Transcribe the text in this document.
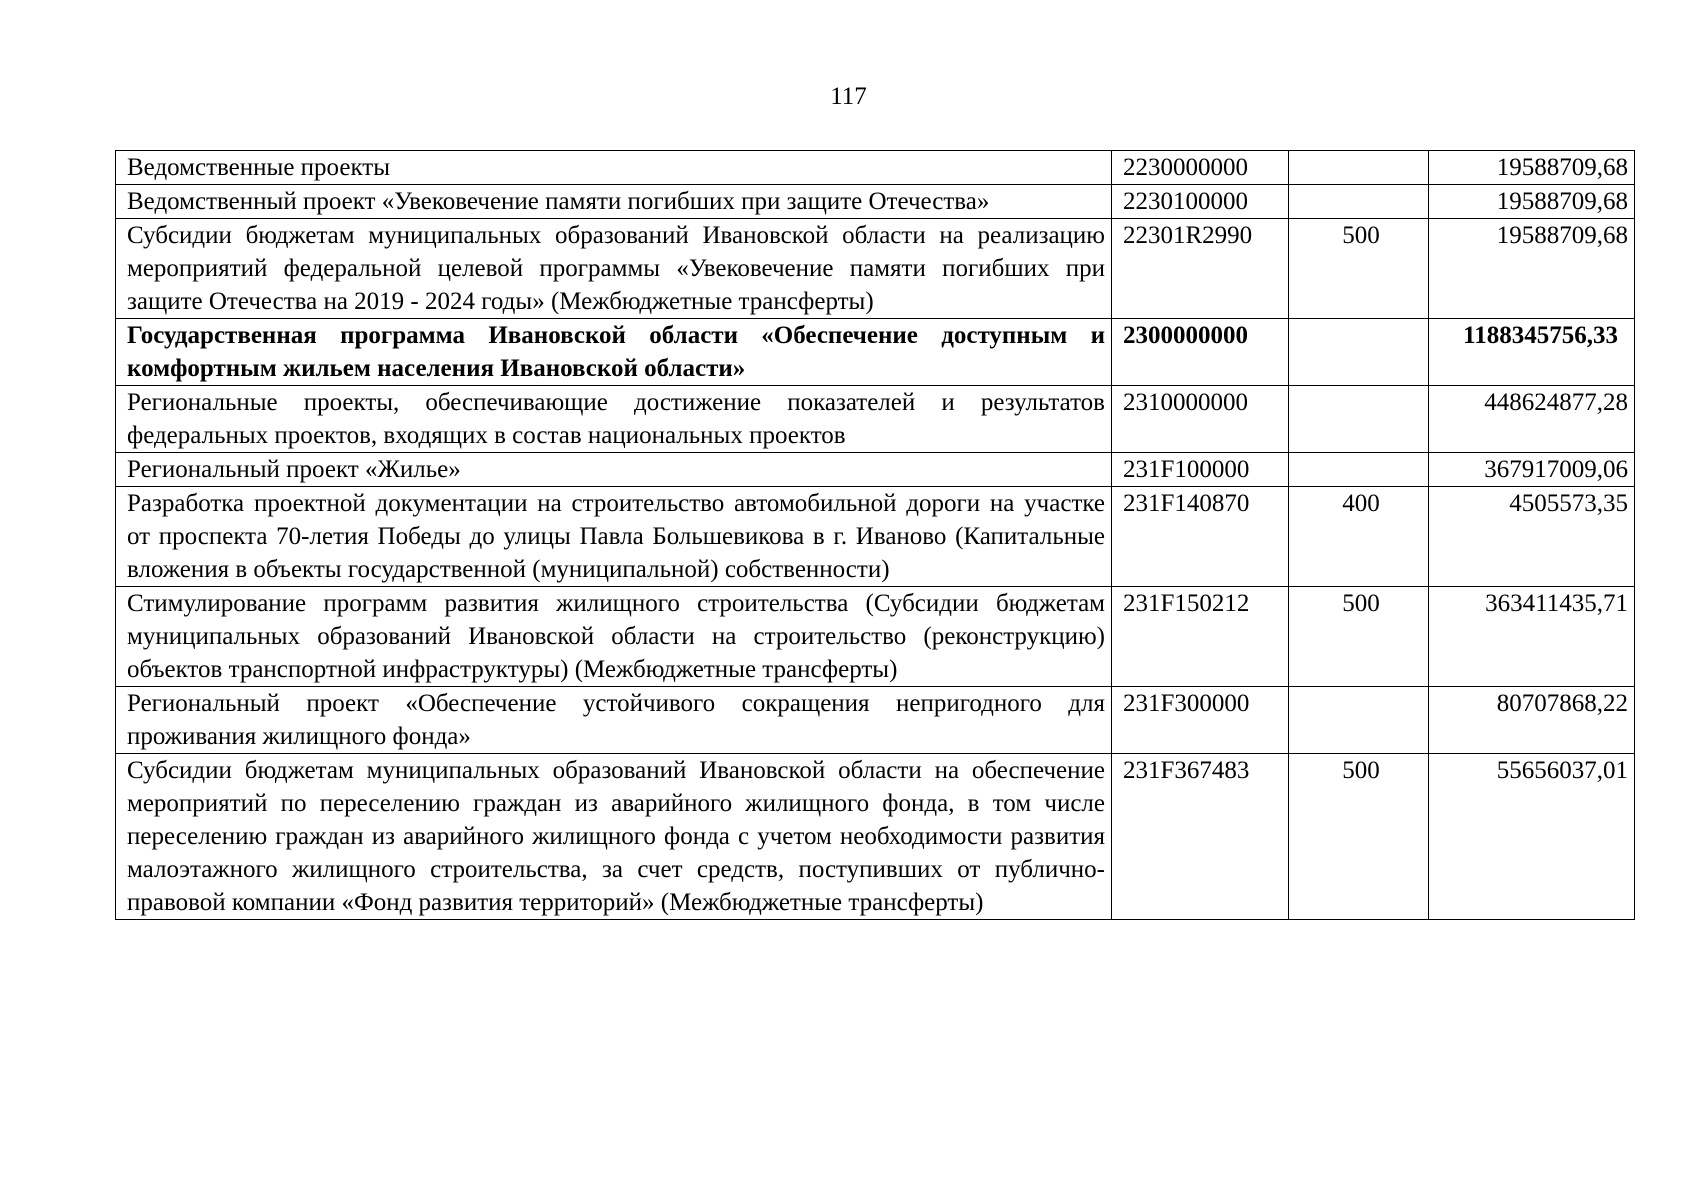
117
Ведомственные проекты	2230000000		19588709,68
Ведомственный проект «Увековечение памяти погибших при защите Отечества»	2230100000		19588709,68
Субсидии бюджетам муниципальных образований Ивановской области на реализацию мероприятий федеральной целевой программы «Увековечение памяти погибших при защите Отечества на 2019 - 2024 годы» (Межбюджетные трансферты)	22301R2990	500	19588709,68
Государственная программа Ивановской области «Обеспечение доступным и комфортным жильем населения Ивановской области»	2300000000		1188345756,33
Региональные проекты, обеспечивающие достижение показателей и результатов федеральных проектов, входящих в состав национальных проектов	2310000000		448624877,28
Региональный проект «Жилье»	231F100000		367917009,06
Разработка проектной документации на строительство автомобильной дороги на участке от проспекта 70-летия Победы до улицы Павла Большевикова в г. Иваново (Капитальные вложения в объекты государственной (муниципальной) собственности)	231F140870	400	4505573,35
Стимулирование программ развития жилищного строительства (Субсидии бюджетам муниципальных образований Ивановской области на строительство (реконструкцию) объектов транспортной инфраструктуры) (Межбюджетные трансферты)	231F150212	500	363411435,71
Региональный проект «Обеспечение устойчивого сокращения непригодного для проживания жилищного фонда»	231F300000		80707868,22
Субсидии бюджетам муниципальных образований Ивановской области на обеспечение мероприятий по переселению граждан из аварийного жилищного фонда, в том числе переселению граждан из аварийного жилищного фонда с учетом необходимости развития малоэтажного жилищного строительства, за счет средств, поступивших от публично-правовой компании «Фонд развития территорий» (Межбюджетные трансферты)	231F367483	500	55656037,01
